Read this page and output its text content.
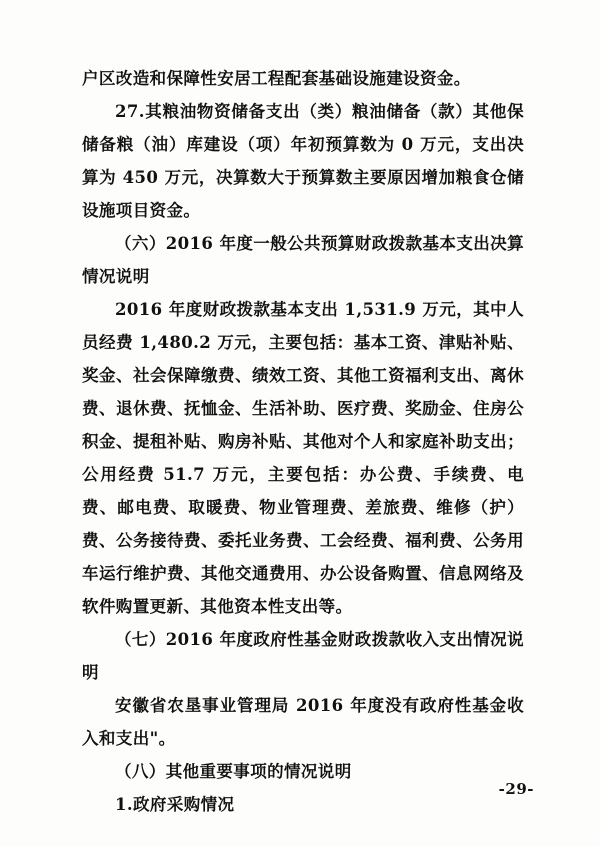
户区改造和保障性安居工程配套基础设施建设资金。

27.其粮油物资储备支出（类）粮油储备（款）其他保储备粮（油）库建设（项）年初预算数为 0 万元，支出决算为 450 万元，决算数大于预算数主要原因增加粮食仓储设施项目资金。

（六）2016 年度一般公共预算财政拨款基本支出决算情况说明

2016 年度财政拨款基本支出 1,531.9 万元，其中人员经费 1,480.2 万元，主要包括：基本工资、津贴补贴、奖金、社会保障缴费、绩效工资、其他工资福利支出、离休费、退休费、抚恤金、生活补助、医疗费、奖励金、住房公积金、提租补贴、购房补贴、其他对个人和家庭补助支出；公用经费 51.7 万元，主要包括：办公费、手续费、电费、邮电费、取暖费、物业管理费、差旅费、维修（护）费、公务接待费、委托业务费、工会经费、福利费、公务用车运行维护费、其他交通费用、办公设备购置、信息网络及软件购置更新、其他资本性支出等。

（七）2016 年度政府性基金财政拨款收入支出情况说明

安徽省农垦事业管理局 2016 年度没有政府性基金收入和支出"。

（八）其他重要事项的情况说明

1.政府采购情况

-29-
